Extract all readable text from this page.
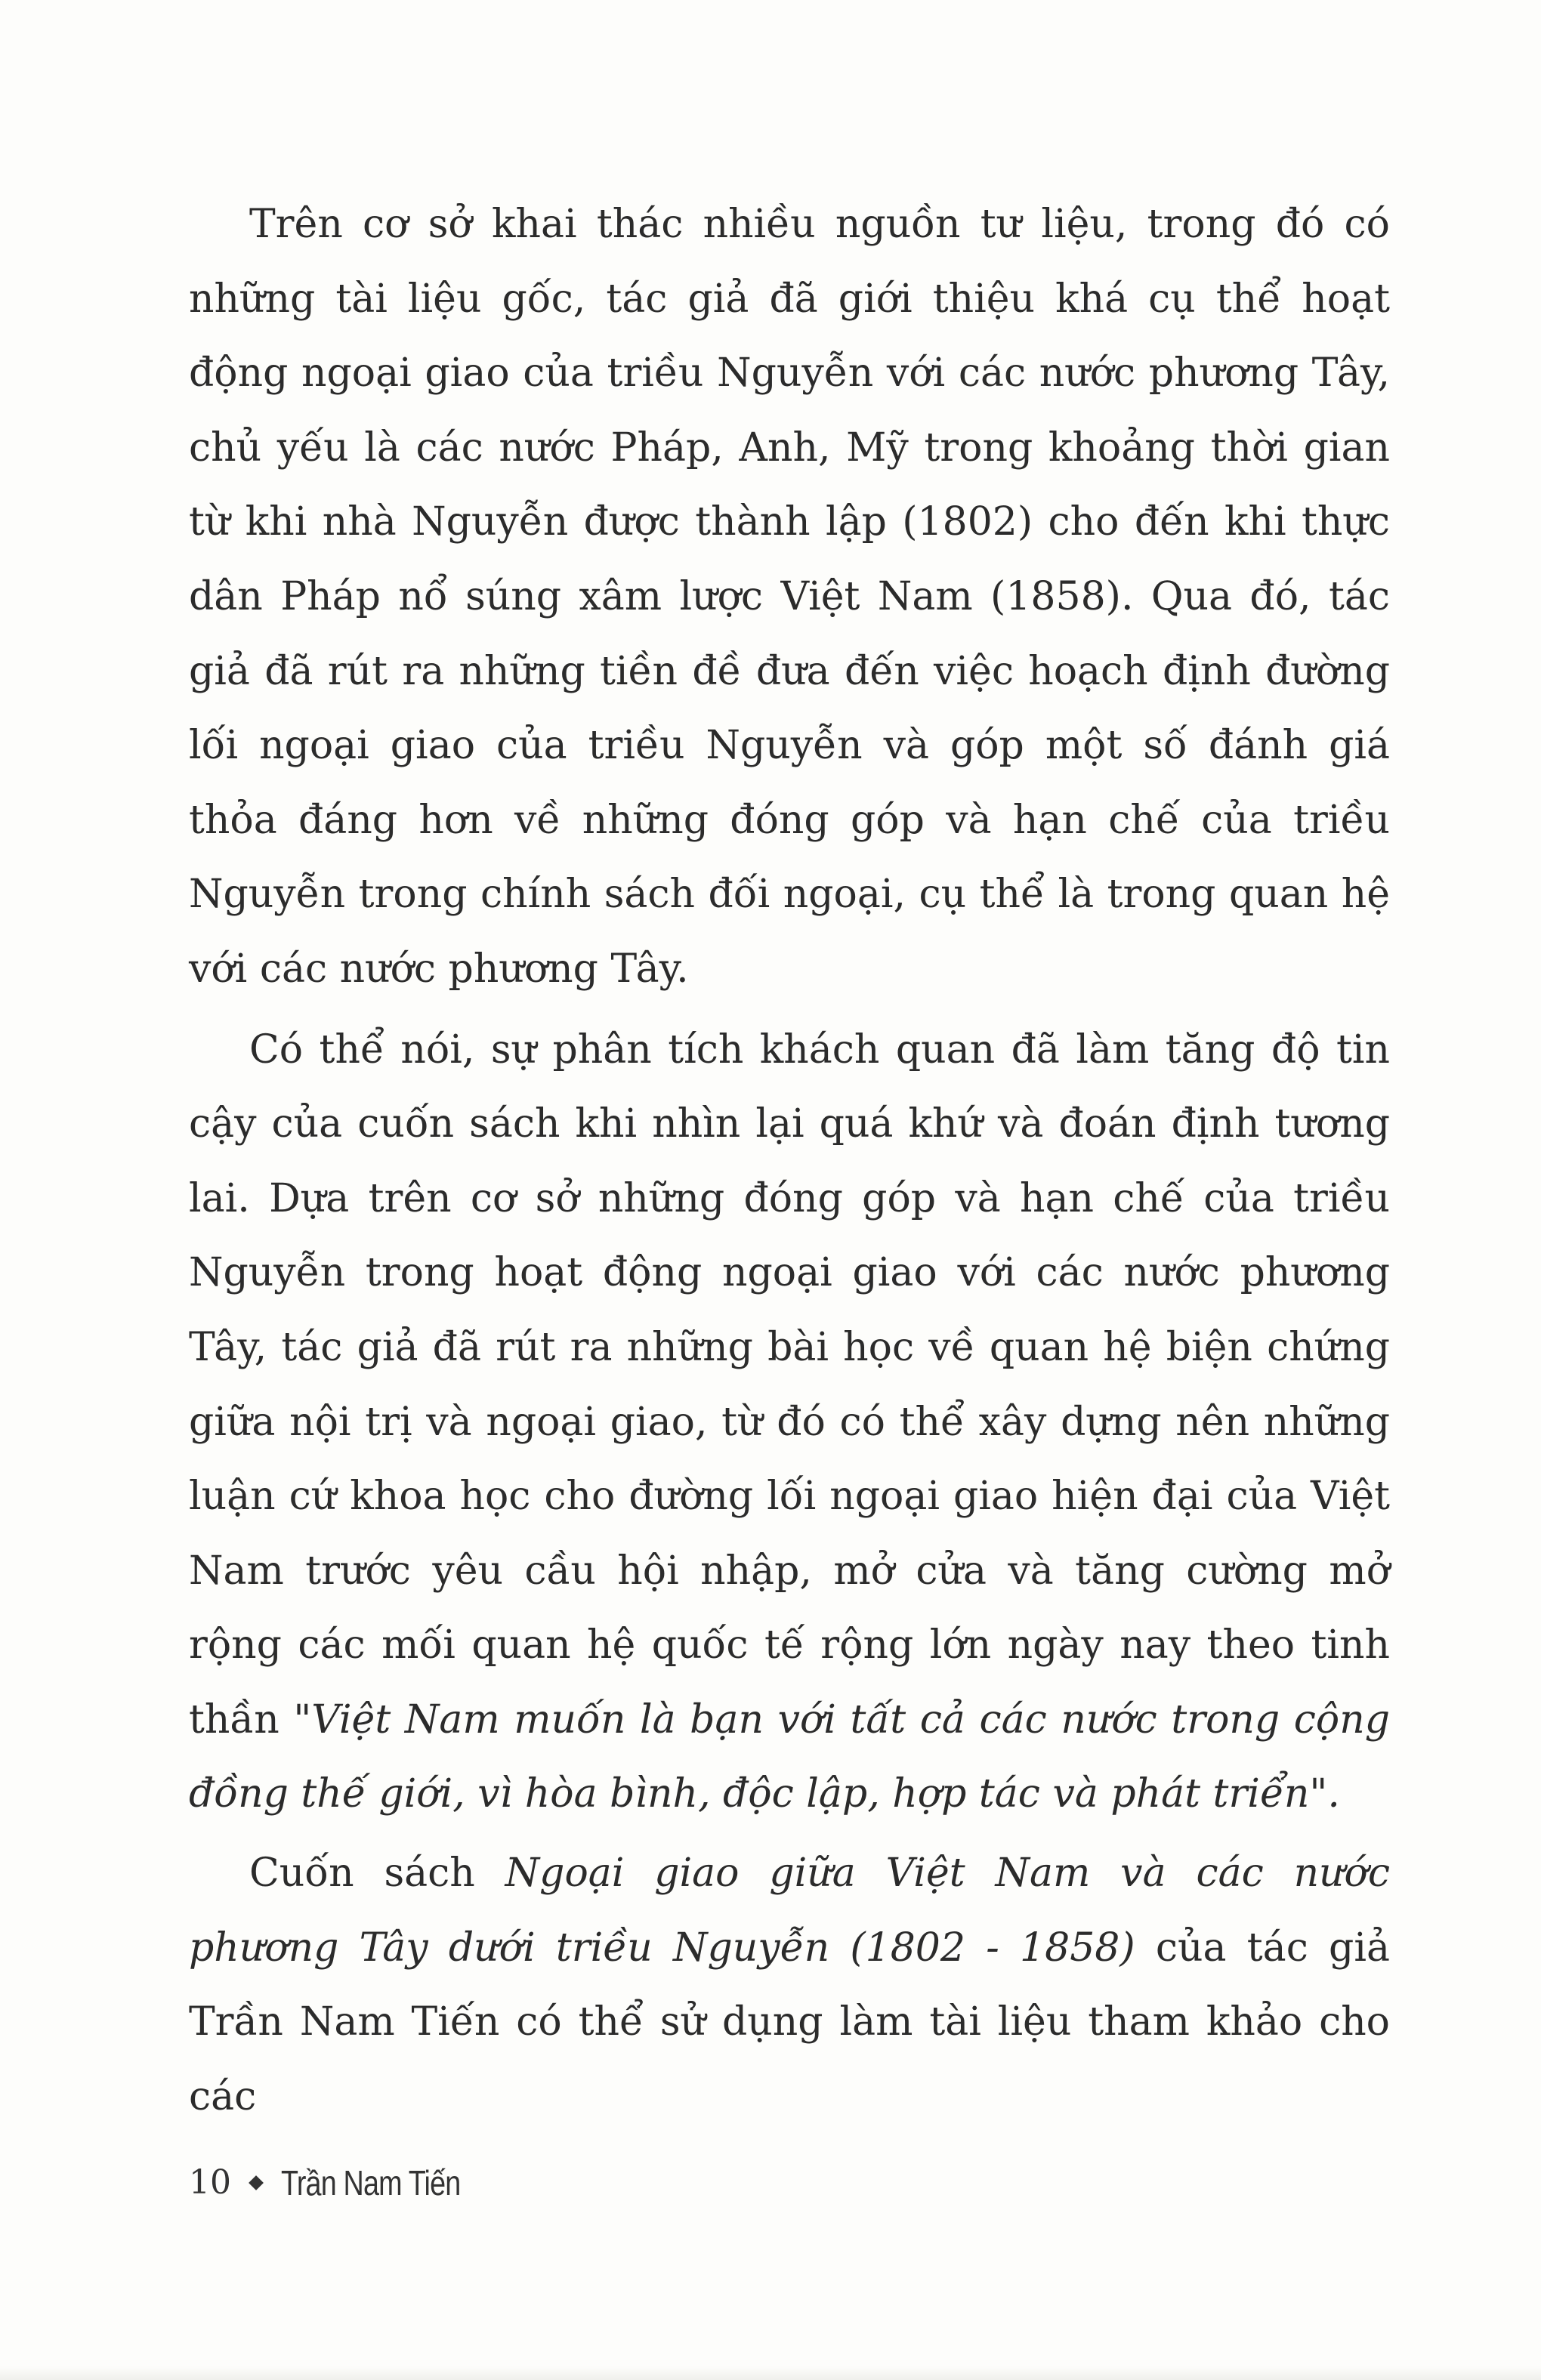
Trên cơ sở khai thác nhiều nguồn tư liệu, trong đó có những tài liệu gốc, tác giả đã giới thiệu khá cụ thể hoạt động ngoại giao của triều Nguyễn với các nước phương Tây, chủ yếu là các nước Pháp, Anh, Mỹ trong khoảng thời gian từ khi nhà Nguyễn được thành lập (1802) cho đến khi thực dân Pháp nổ súng xâm lược Việt Nam (1858). Qua đó, tác giả đã rút ra những tiền đề đưa đến việc hoạch định đường lối ngoại giao của triều Nguyễn và góp một số đánh giá thỏa đáng hơn về những đóng góp và hạn chế của triều Nguyễn trong chính sách đối ngoại, cụ thể là trong quan hệ với các nước phương Tây.

Có thể nói, sự phân tích khách quan đã làm tăng độ tin cậy của cuốn sách khi nhìn lại quá khứ và đoán định tương lai. Dựa trên cơ sở những đóng góp và hạn chế của triều Nguyễn trong hoạt động ngoại giao với các nước phương Tây, tác giả đã rút ra những bài học về quan hệ biện chứng giữa nội trị và ngoại giao, từ đó có thể xây dựng nên những luận cứ khoa học cho đường lối ngoại giao hiện đại của Việt Nam trước yêu cầu hội nhập, mở cửa và tăng cường mở rộng các mối quan hệ quốc tế rộng lớn ngày nay theo tinh thần "Việt Nam muốn là bạn với tất cả các nước trong cộng đồng thế giới, vì hòa bình, độc lập, hợp tác và phát triển".

Cuốn sách Ngoại giao giữa Việt Nam và các nước phương Tây dưới triều Nguyễn (1802 - 1858) của tác giả Trần Nam Tiến có thể sử dụng làm tài liệu tham khảo cho các

10 Trần Nam Tiến
